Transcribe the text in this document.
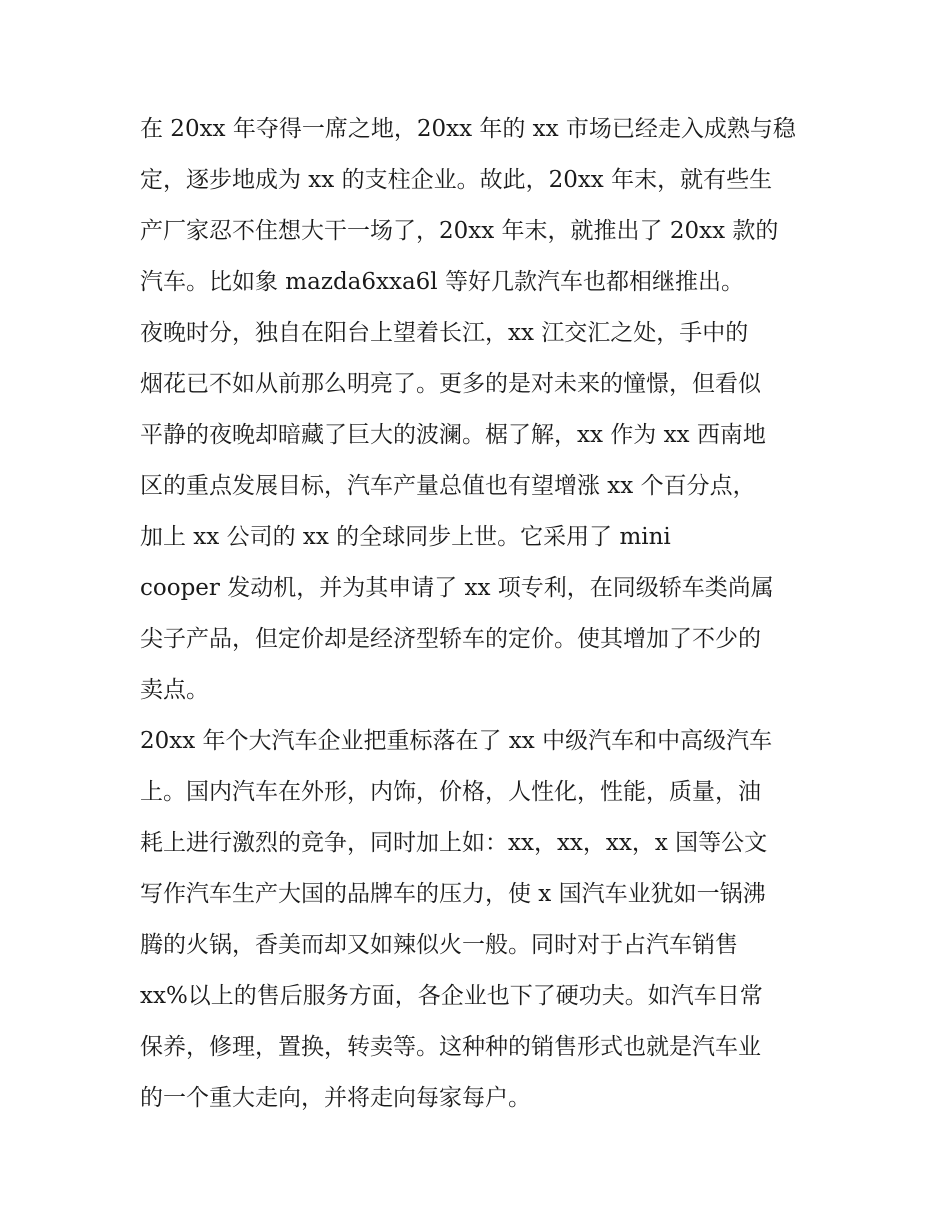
在 20xx 年夺得一席之地，20xx 年的 xx 市场已经走入成熟与稳
定，逐步地成为 xx 的支柱企业。故此，20xx 年末，就有些生
产厂家忍不住想大干一场了，20xx 年末，就推出了 20xx 款的
汽车。比如象 mazda6xxa6l 等好几款汽车也都相继推出。
夜晚时分，独自在阳台上望着长江，xx 江交汇之处，手中的
烟花已不如从前那么明亮了。更多的是对未来的憧憬，但看似
平静的夜晚却暗藏了巨大的波澜。椐了解，xx 作为 xx 西南地
区的重点发展目标，汽车产量总值也有望增涨 xx 个百分点，
加上 xx 公司的 xx 的全球同步上世。它采用了 mini
cooper 发动机，并为其申请了 xx 项专利，在同级轿车类尚属
尖子产品，但定价却是经济型轿车的定价。使其增加了不少的
卖点。
20xx 年个大汽车企业把重标落在了 xx 中级汽车和中高级汽车
上。国内汽车在外形，内饰，价格，人性化，性能，质量，油
耗上进行激烈的竞争，同时加上如：xx，xx，xx，x 国等公文
写作汽车生产大国的品牌车的压力，使 x 国汽车业犹如一锅沸
腾的火锅，香美而却又如辣似火一般。同时对于占汽车销售
xx%以上的售后服务方面，各企业也下了硬功夫。如汽车日常
保养，修理，置换，转卖等。这种种的销售形式也就是汽车业
的一个重大走向，并将走向每家每户。
